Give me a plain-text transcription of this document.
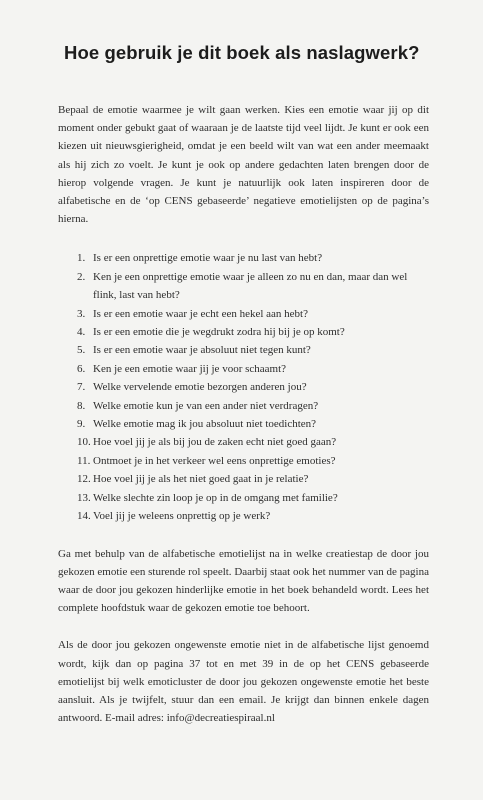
Hoe gebruik je dit boek als naslagwerk?

Bepaal de emotie waarmee je wilt gaan werken. Kies een emotie waar jij op dit moment onder gebukt gaat of waaraan je de laatste tijd veel lijdt. Je kunt er ook een kiezen uit nieuwsgierigheid, omdat je een beeld wilt van wat een ander meemaakt als hij zich zo voelt. Je kunt je ook op andere gedachten laten brengen door de hierop volgende vragen. Je kunt je natuurlijk ook laten inspireren door de alfabetische en de ‘op CENS gebaseerde’ negatieve emotielijsten op de pagina’s hierna.

1. Is er een onprettige emotie waar je nu last van hebt?
2. Ken je een onprettige emotie waar je alleen zo nu en dan, maar dan wel flink, last van hebt?
3. Is er een emotie waar je echt een hekel aan hebt?
4. Is er een emotie die je wegdrukt zodra hij bij je op komt?
5. Is er een emotie waar je absoluut niet tegen kunt?
6. Ken je een emotie waar jij je voor schaamt?
7. Welke vervelende emotie bezorgen anderen jou?
8. Welke emotie kun je van een ander niet verdragen?
9. Welke emotie mag ik jou absoluut niet toedichten?
10. Hoe voel jij je als bij jou de zaken echt niet goed gaan?
11. Ontmoet je in het verkeer wel eens onprettige emoties?
12. Hoe voel jij je als het niet goed gaat in je relatie?
13. Welke slechte zin loop je op in de omgang met familie?
14. Voel jij je weleens onprettig op je werk?

Ga met behulp van de alfabetische emotielijst na in welke creatiestap de door jou gekozen emotie een sturende rol speelt. Daarbij staat ook het nummer van de pagina waar de door jou gekozen hinderlijke emotie in het boek behandeld wordt. Lees het complete hoofdstuk waar de gekozen emotie toe behoort.

Als de door jou gekozen ongewenste emotie niet in de alfabetische lijst genoemd wordt, kijk dan op pagina 37 tot en met 39 in de op het CENS gebaseerde emotielijst bij welk emoticluster de door jou gekozen ongewenste emotie het beste aansluit. Als je twijfelt, stuur dan een email. Je krijgt dan binnen enkele dagen antwoord. E-mail adres: info@decreatiespiraal.nl
